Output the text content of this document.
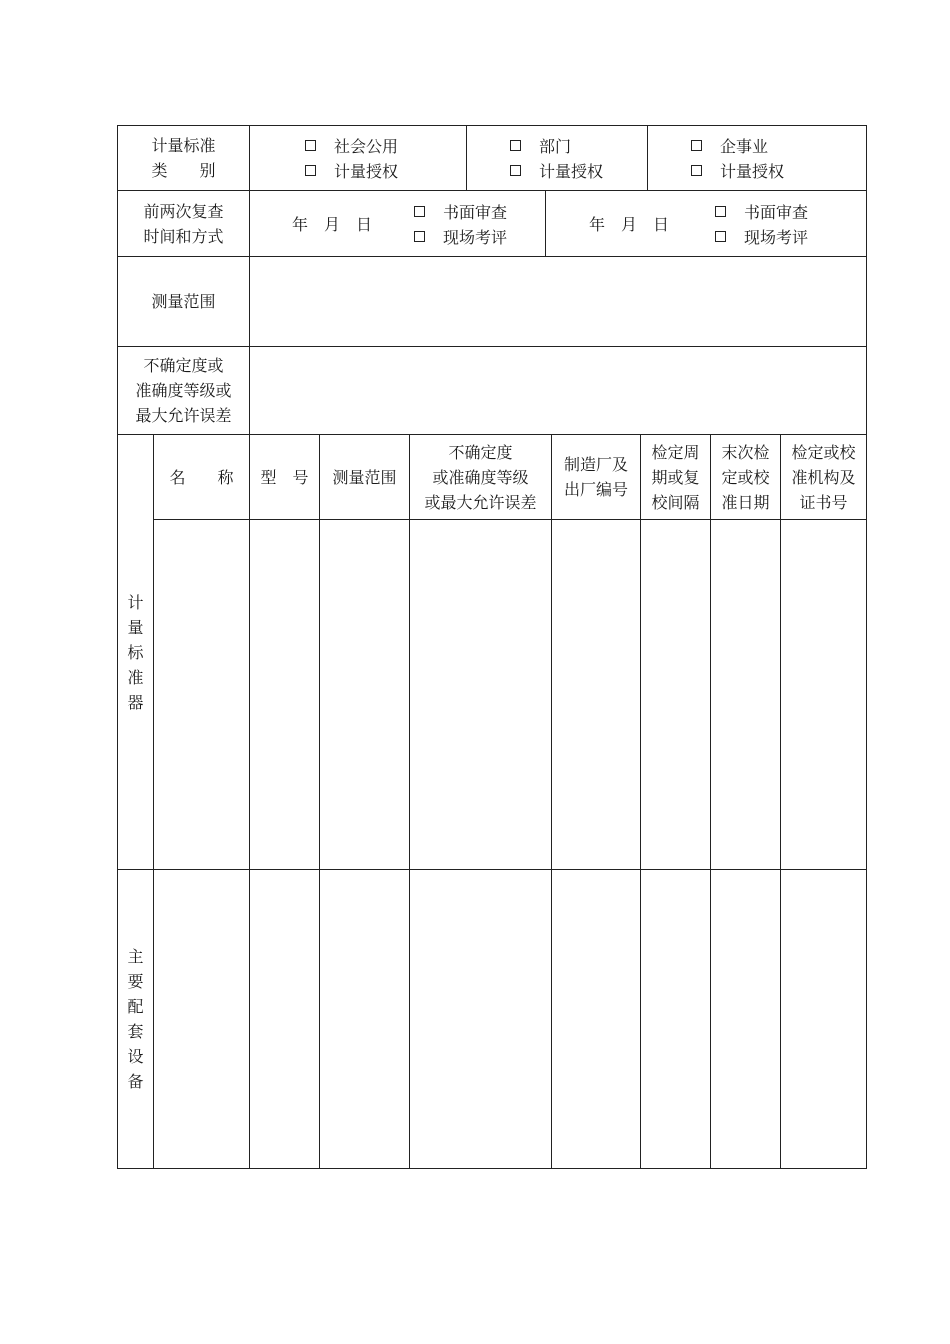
计量标准
类　　别
社会公用
计量授权
部门
计量授权
企事业
计量授权
前两次复查
时间和方式
年　月　日
书面审查
现场考评
年　月　日
书面审查
现场考评
测量范围
不确定度或
准确度等级或
最大允许误差
名　　称 型　号 测量范围
不确定度
或准确度等级
或最大允许误差
制造厂及
出厂编号
检定周
期或复
校间隔
末次检
定或校
准日期
检定或校
准机构及
证书号
计
量
标
准
器
主
要
配
套
设
备
